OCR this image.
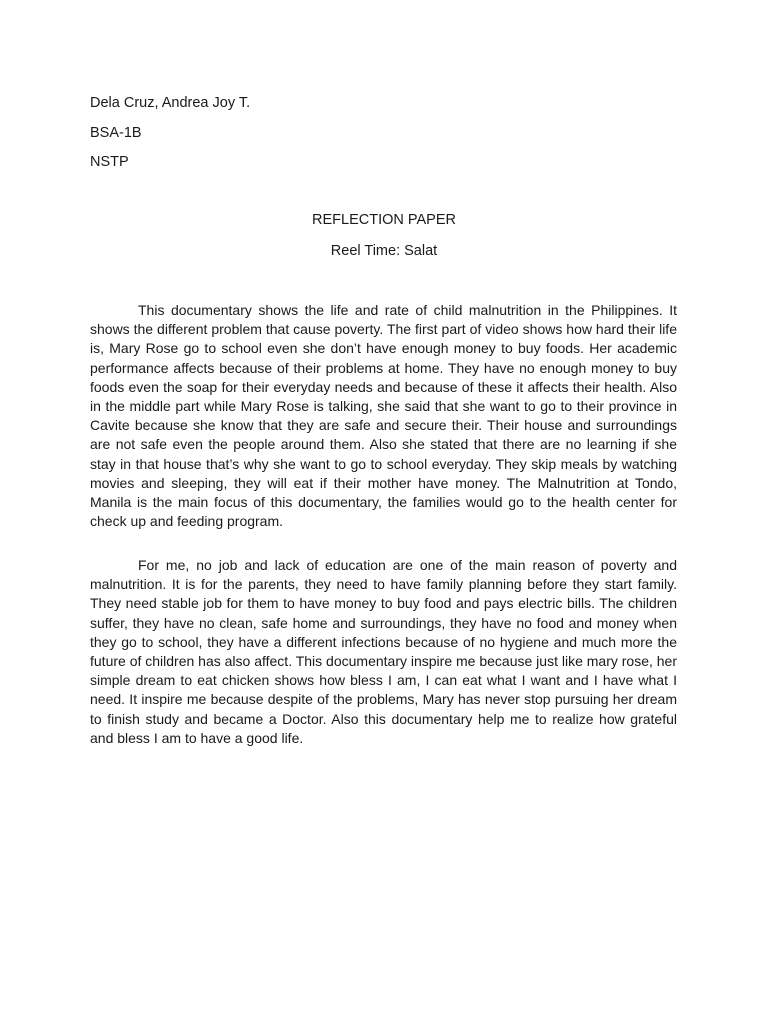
Dela Cruz, Andrea Joy T.
BSA-1B
NSTP
REFLECTION PAPER
Reel Time: Salat

This documentary shows the life and rate of child malnutrition in the Philippines. It shows the different problem that cause poverty. The first part of video shows how hard their life is, Mary Rose go to school even she don’t have enough money to buy foods. Her academic performance affects because of their problems at home. They have no enough money to buy foods even the soap for their everyday needs and because of these it affects their health. Also in the middle part while Mary Rose is talking, she said that she want to go to their province in Cavite because she know that they are safe and secure their. Their house and surroundings are not safe even the people around them. Also she stated that there are no learning if she stay in that house that’s why she want to go to school everyday. They skip meals by watching movies and sleeping, they will eat if their mother have money. The Malnutrition at Tondo, Manila is the main focus of this documentary, the families would go to the health center for check up and feeding program.

For me, no job and lack of education are one of the main reason of poverty and malnutrition. It is for the parents, they need to have family planning before they start family. They need stable job for them to have money to buy food and pays electric bills. The children suffer, they have no clean, safe home and surroundings, they have no food and money when they go to school, they have a different infections because of no hygiene and much more the future of children has also affect. This documentary inspire me because just like mary rose, her simple dream to eat chicken shows how bless I am, I can eat what I want and I have what I need. It inspire me because despite of the problems, Mary has never stop pursuing her dream to finish study and became a Doctor. Also this documentary help me to realize how grateful and bless I am to have a good life.
